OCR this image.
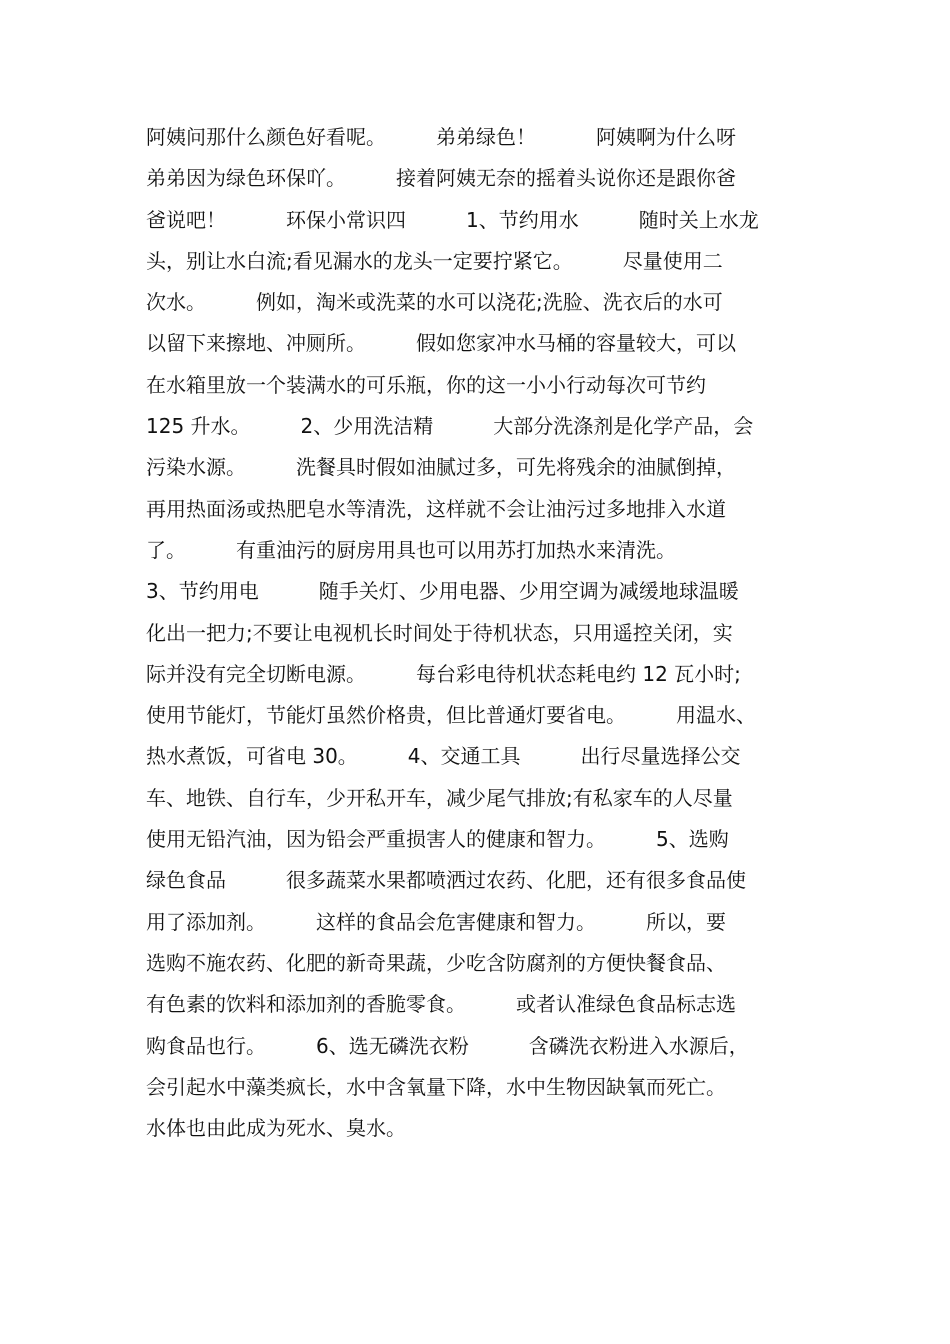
阿姨问那什么颜色好看呢。　　　弟弟绿色！　　　阿姨啊为什么呀
弟弟因为绿色环保吖。　　　接着阿姨无奈的摇着头说你还是跟你爸
爸说吧！　　　环保小常识四　　　1、节约用水　　　随时关上水龙
头，别让水白流;看见漏水的龙头一定要拧紧它。　　　尽量使用二
次水。　　　例如，淘米或洗菜的水可以浇花;洗脸、洗衣后的水可
以留下来擦地、冲厕所。　　　假如您家冲水马桶的容量较大，可以
在水箱里放一个装满水的可乐瓶，你的这一小小行动每次可节约
125 升水。　　　2、少用洗洁精　　　大部分洗涤剂是化学产品，会
污染水源。　　　洗餐具时假如油腻过多，可先将残余的油腻倒掉，
再用热面汤或热肥皂水等清洗，这样就不会让油污过多地排入水道
了。　　　有重油污的厨房用具也可以用苏打加热水来清洗。
3、节约用电　　　随手关灯、少用电器、少用空调为减缓地球温暖
化出一把力;不要让电视机长时间处于待机状态，只用遥控关闭，实
际并没有完全切断电源。　　　每台彩电待机状态耗电约 12 瓦小时;
使用节能灯，节能灯虽然价格贵，但比普通灯要省电。　　　用温水、
热水煮饭，可省电 30。　　　4、交通工具　　　出行尽量选择公交
车、地铁、自行车，少开私开车，减少尾气排放;有私家车的人尽量
使用无铅汽油，因为铅会严重损害人的健康和智力。　　　5、选购
绿色食品　　　很多蔬菜水果都喷洒过农药、化肥，还有很多食品使
用了添加剂。　　　这样的食品会危害健康和智力。　　　所以，要
选购不施农药、化肥的新奇果蔬，少吃含防腐剂的方便快餐食品、
有色素的饮料和添加剂的香脆零食。　　　或者认准绿色食品标志选
购食品也行。　　　6、选无磷洗衣粉　　　含磷洗衣粉进入水源后，
会引起水中藻类疯长，水中含氧量下降，水中生物因缺氧而死亡。
水体也由此成为死水、臭水。
